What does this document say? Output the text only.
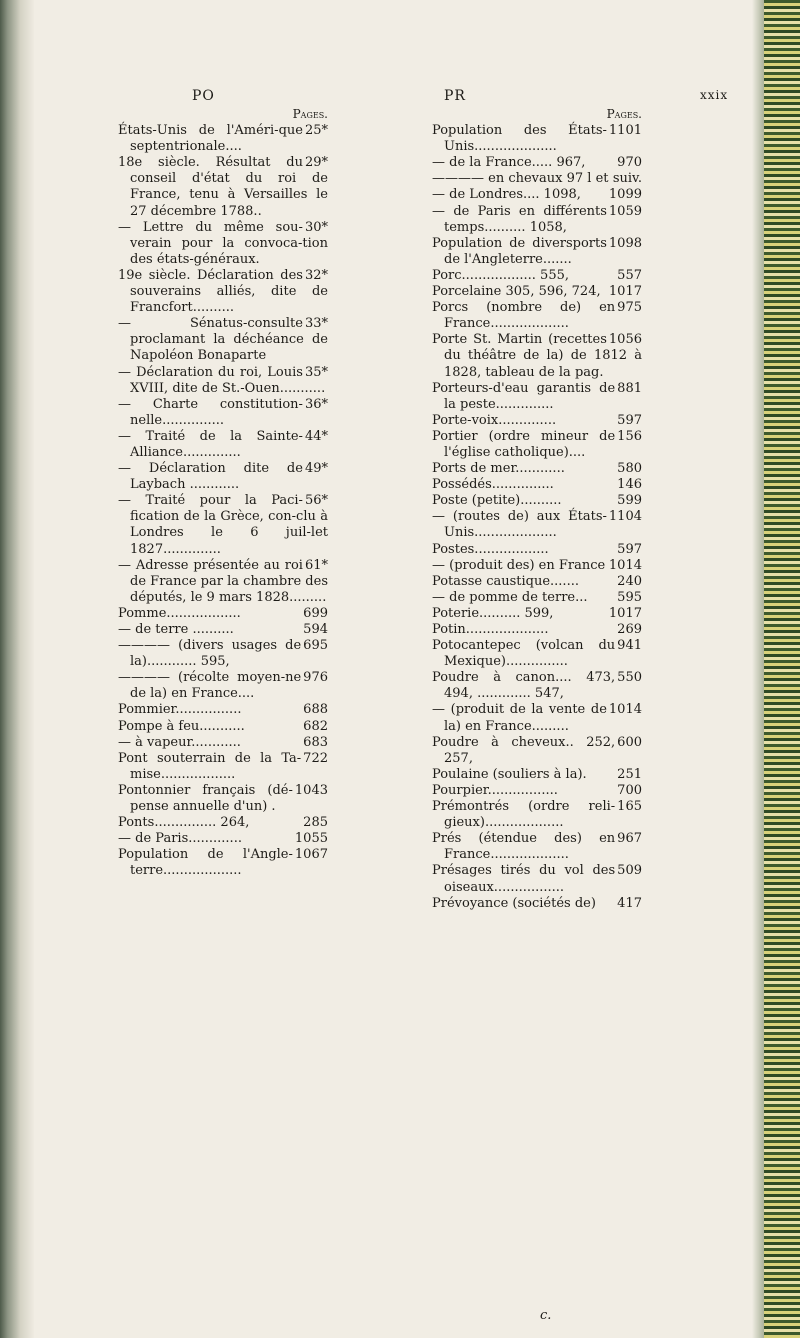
PO	PR	xxix
Pages.
25*
États-Unis de l'Améri-que septentrionale....
29*
18e siècle. Résultat du conseil d'état du roi de France, tenu à Versailles le 27 décembre 1788..
30*
— Lettre du même sou-verain pour la convoca-tion des états-généraux.
32*
19e siècle. Déclaration des souverains alliés, dite de Francfort..........
33*
— Sénatus-consulte proclamant la déchéance de Napoléon Bonaparte
35*
— Déclaration du roi, Louis XVIII, dite de St.-Ouen...........
36*
— Charte constitution-nelle...............
44*
— Traité de la Sainte-Alliance..............
49*
— Déclaration dite de Laybach ............
56*
— Traité pour la Paci-fication de la Grèce, con-clu à Londres le 6 juil-let 1827..............
61*
— Adresse présentée au roi de France par la chambre des députés, le 9 mars 1828.........
699
Pomme..................
594
— de terre ..........
695
———— (divers usages de la)............ 595,
976
———— (récolte moyen-ne de la) en France....
688
Pommier................
682
Pompe à feu...........
683
— à vapeur............
722
Pont souterrain de la Ta-mise..................
1043
Pontonnier français (dé-pense annuelle d'un) .
285
Ponts............... 264,
1055
— de Paris.............
1067
Population de l'Angle-terre...................
Pages.
1101
Population des États-Unis....................
970
— de la France..... 967,
suiv.
———— en chevaux 97 l et
1099
— de Londres.... 1098,
1059
— de Paris en différents temps.......... 1058,
1098
Population de diversports de l'Angleterre.......
557
Porc.................. 555,
1017
Porcelaine 305, 596, 724,
975
Porcs (nombre de) en France...................
1056
Porte St. Martin (recettes du théâtre de la) de 1812 à 1828, tableau de la pag.
881
Porteurs-d'eau garantis de la peste..............
597
Porte-voix..............
156
Portier (ordre mineur de l'église catholique)....
580
Ports de mer............
146
Possédés...............
599
Poste (petite)..........
1104
— (routes de) aux États-Unis....................
597
Postes..................
1014
— (produit des) en France
240
Potasse caustique.......
595
— de pomme de terre...
1017
Poterie.......... 599,
269
Potin....................
941
Potocantepec (volcan du Mexique)...............
550
Poudre à canon.... 473, 494, ............. 547,
1014
— (produit de la vente de la) en France.........
600
Poudre à cheveux.. 252, 257,
251
Poulaine (souliers à la).
700
Pourpier.................
165
Prémontrés (ordre reli-gieux)...................
967
Prés (étendue des) en France...................
509
Présages tirés du vol des oiseaux.................
417
Prévoyance (sociétés de)
c.
